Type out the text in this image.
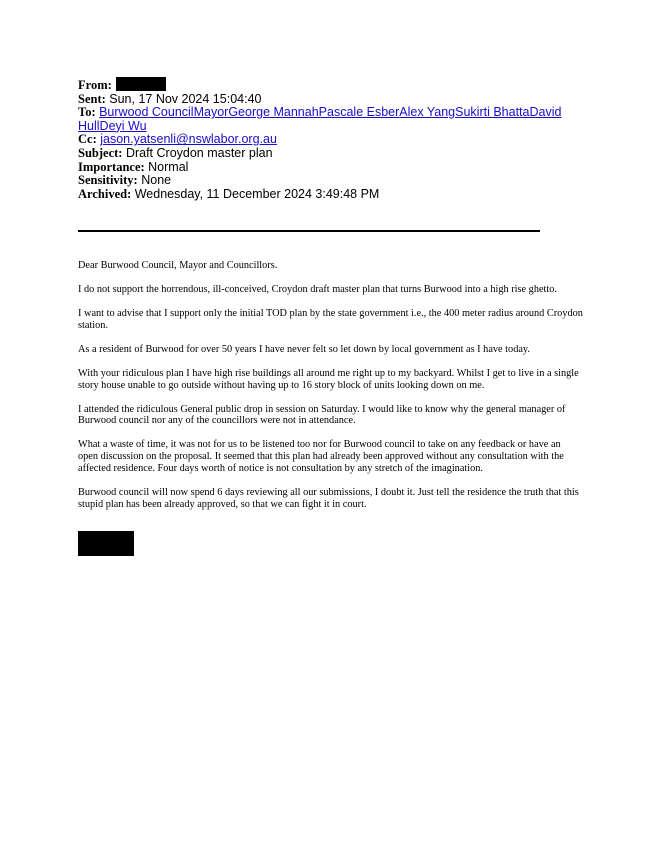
From:
Sent: Sun, 17 Nov 2024 15:04:40
To: Burwood CouncilMayorGeorge MannahPascale EsberAlex YangSukirti BhattaDavid HullDeyi Wu
Cc: jason.yatsenli@nswlabor.org.au
Subject: Draft Croydon master plan
Importance: Normal
Sensitivity: None
Archived: Wednesday, 11 December 2024 3:49:48 PM

Dear Burwood Council, Mayor and Councillors.

I do not support the horrendous, ill-conceived, Croydon draft master plan that turns Burwood into a high rise ghetto.

I want to advise that I support only the initial TOD plan by the state government i.e., the 400 meter radius around Croydon station.

As a resident of Burwood for over 50 years I have never felt so let down by local government as I have today.

With your ridiculous plan I have high rise buildings all around me right up to my backyard. Whilst I get to live in a single story house unable to go outside without having up to 16 story block of units looking down on me.

I attended the ridiculous General public drop in session on Saturday. I would like to know why the general manager of Burwood council nor any of the councillors were not in attendance.

What a waste of time, it was not for us to be listened too nor for Burwood council to take on any feedback or have an open discussion on the proposal. It seemed that this plan had already been approved without any consultation with the affected residence. Four days worth of notice is not consultation by any stretch of the imagination.

Burwood council will now spend 6 days reviewing all our submissions, I doubt it. Just tell the residence the truth that this stupid plan has been already approved, so that we can fight it in court.
